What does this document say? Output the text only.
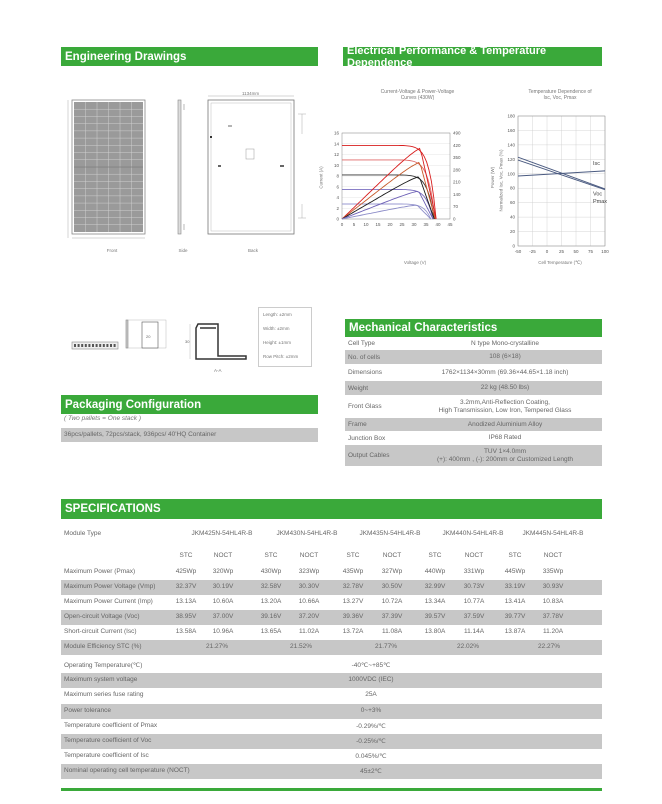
Engineering Drawings	Electrical Performance & Temperature Dependence
1134mm
Front	Side	Back
Current-Voltage & Power-Voltage
Curves (430W)
0
2
4
6
8
10
12
14
16
0
70
140
210
280
350
420
490
0 5 10 15 20 25 30 35 40 45
Current (A)	Power (W)
Voltage (V)
Temperature Dependence of
Isc, Voc, Pmax
0
20
40
60
80
100
120
140
160
180
-50 -25 0 25 50 75 100
Isc
Voc
Pmax
Normalized Isc, Voc, Pmax (%)
Cell Temperature (℃)
20
30
A-A
Length: ±2mm
Width: ±2mm
Height: ±1mm
Row Pitch: ±2mm
Packaging Configuration
( Two pallets = One stack )
36pcs/pallets, 72pcs/stack, 936pcs/ 40'HQ Container
Mechanical Characteristics
Cell Type	N type Mono-crystalline
No. of cells	108 (6×18)
Dimensions	1762×1134×30mm (69.36×44.65×1.18 inch)
Weight	22 kg (48.50 lbs)
Front Glass
3.2mm,Anti-Reflection Coating,
High Transmission, Low Iron, Tempered Glass
Frame	Anodized Aluminium Alloy
Junction Box	IP68 Rated
Output Cables
TUV 1×4.0mm
(+): 400mm , (-): 200mm or Customized Length
SPECIFICATIONS
Module Type	JKM425N-54HL4R-B	JKM430N-54HL4R-B	JKM435N-54HL4R-B	JKM440N-54HL4R-B	JKM445N-54HL4R-B
STC	NOCT	STC	NOCT	STC	NOCT	STC	NOCT	STC	NOCT
Maximum Power (Pmax)	425Wp	320Wp	430Wp	323Wp	435Wp	327Wp	440Wp	331Wp	445Wp	335Wp
Maximum Power Voltage (Vmp)	32.37V	30.19V	32.58V	30.30V	32.78V	30.50V	32.99V	30.73V	33.19V	30.93V
Maximum Power Current (Imp)	13.13A	10.60A	13.20A	10.66A	13.27V	10.72A	13.34A	10.77A	13.41A	10.83A
Open-circuit Voltage (Voc)	38.95V	37.00V	39.16V	37.20V	39.36V	37.39V	39.57V	37.59V	39.77V	37.78V
Short-circuit Current (Isc)	13.58A	10.96A	13.65A	11.02A	13.72A	11.08A	13.80A	11.14A	13.87A	11.20A
Module Efficiency STC (%)	21.27%	21.52%	21.77%	22.02%	22.27%
Operating Temperature(℃)	-40℃~+85℃
Maximum system voltage	1000VDC (IEC)
Maximum series fuse rating	25A
Power tolerance	0~+3%
Temperature coefficient of Pmax	-0.29%/℃
Temperature coefficient of Voc	-0.25%/℃
Temperature coefficient of Isc	0.045%/℃
Nominal operating cell temperature (NOCT)	45±2℃
